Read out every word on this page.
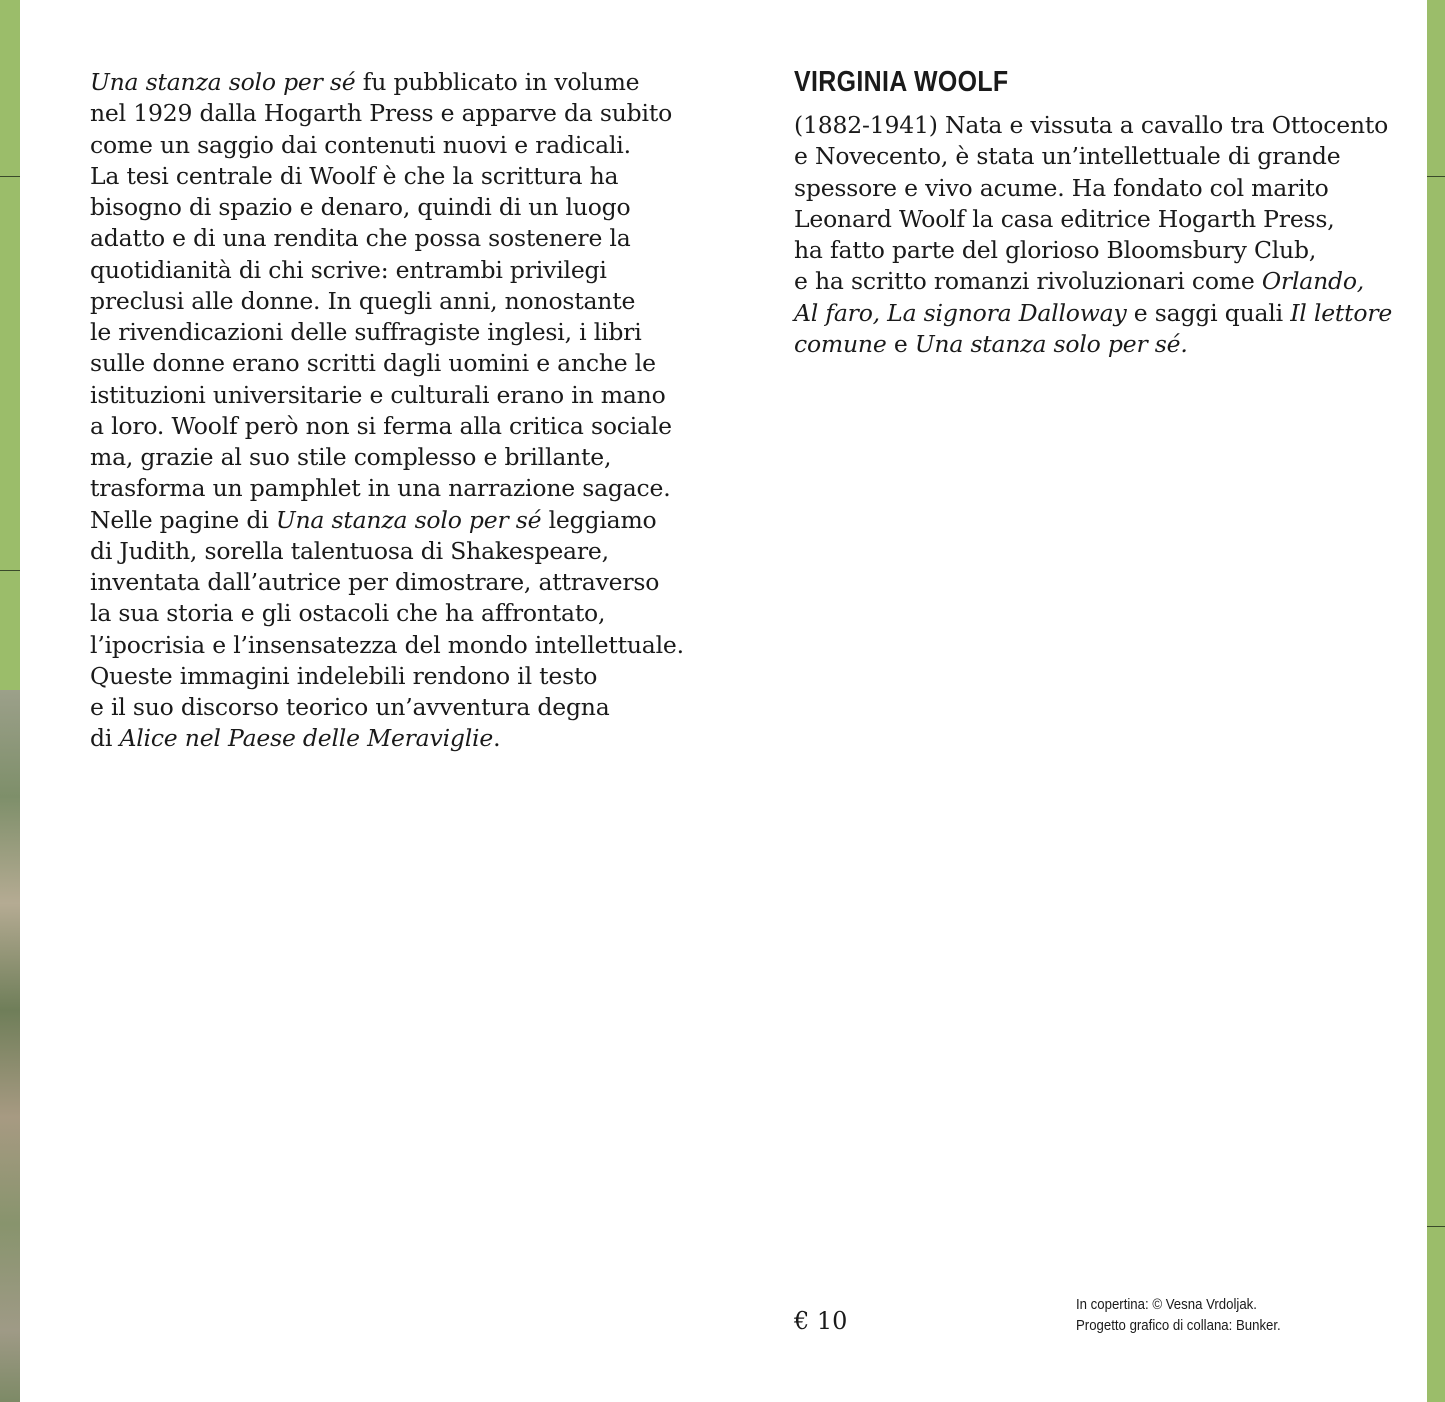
Una stanza solo per sé fu pubblicato in volume
nel 1929 dalla Hogarth Press e apparve da subito
come un saggio dai contenuti nuovi e radicali.
La tesi centrale di Woolf è che la scrittura ha
bisogno di spazio e denaro, quindi di un luogo
adatto e di una rendita che possa sostenere la
quotidianità di chi scrive: entrambi privilegi
preclusi alle donne. In quegli anni, nonostante
le rivendicazioni delle suffragiste inglesi, i libri
sulle donne erano scritti dagli uomini e anche le
istituzioni universitarie e culturali erano in mano
a loro. Woolf però non si ferma alla critica sociale
ma, grazie al suo stile complesso e brillante,
trasforma un pamphlet in una narrazione sagace.
Nelle pagine di Una stanza solo per sé leggiamo
di Judith, sorella talentuosa di Shakespeare,
inventata dall’autrice per dimostrare, attraverso
la sua storia e gli ostacoli che ha affrontato,
l’ipocrisia e l’insensatezza del mondo intellettuale.
Queste immagini indelebili rendono il testo
e il suo discorso teorico un’avventura degna
di Alice nel Paese delle Meraviglie.
VIRGINIA WOOLF
(1882-1941) Nata e vissuta a cavallo tra Ottocento
e Novecento, è stata un’intellettuale di grande
spessore e vivo acume. Ha fondato col marito
Leonard Woolf la casa editrice Hogarth Press,
ha fatto parte del glorioso Bloomsbury Club,
e ha scritto romanzi rivoluzionari come Orlando,
Al faro, La signora Dalloway e saggi quali Il lettore
comune e Una stanza solo per sé.
€ 10
In copertina: © Vesna Vrdoljak.
Progetto grafico di collana: Bunker.
